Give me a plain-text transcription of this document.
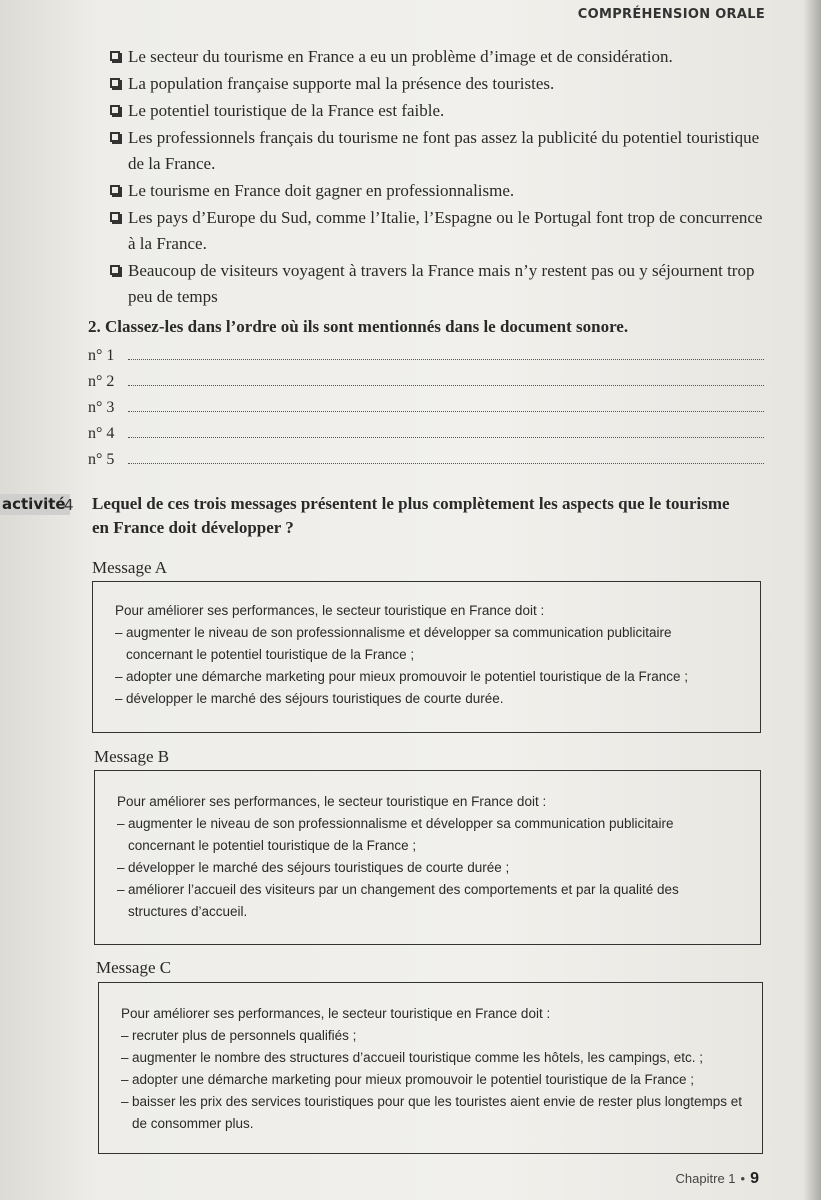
COMPRÉHENSION ORALE
Le secteur du tourisme en France a eu un problème d’image et de considération.
La population française supporte mal la présence des touristes.
Le potentiel touristique de la France est faible.
Les professionnels français du tourisme ne font pas assez la publicité du potentiel touristique de la France.
Le tourisme en France doit gagner en professionnalisme.
Les pays d’Europe du Sud, comme l’Italie, l’Espagne ou le Portugal font trop de concurrence à la France.
Beaucoup de visiteurs voyagent à travers la France mais n’y restent pas ou y séjournent trop peu de temps
2. Classez-les dans l’ordre où ils sont mentionnés dans le document sonore.
n° 1
n° 2
n° 3
n° 4
n° 5
activité
4 Lequel de ces trois messages présentent le plus complètement les aspects que le tourisme en France doit développer ?
Message A

Pour améliorer ses performances, le secteur touristique en France doit :

– augmenter le niveau de son professionnalisme et développer sa communication publicitaire concernant le potentiel touristique de la France ;
– adopter une démarche marketing pour mieux promouvoir le potentiel touristique de la France ;
– développer le marché des séjours touristiques de courte durée.
Message B

Pour améliorer ses performances, le secteur touristique en France doit :

– augmenter le niveau de son professionnalisme et développer sa communication publicitaire concernant le potentiel touristique de la France ;
– développer le marché des séjours touristiques de courte durée ;
– améliorer l’accueil des visiteurs par un changement des comportements et par la qualité des structures d’accueil.
Message C

Pour améliorer ses performances, le secteur touristique en France doit :

– recruter plus de personnels qualifiés ;
– augmenter le nombre des structures d’accueil touristique comme les hôtels, les campings, etc. ;
– adopter une démarche marketing pour mieux promouvoir le potentiel touristique de la France ;
– baisser les prix des services touristiques pour que les touristes aient envie de rester plus longtemps et de consommer plus.
Chapitre 1 • 9
